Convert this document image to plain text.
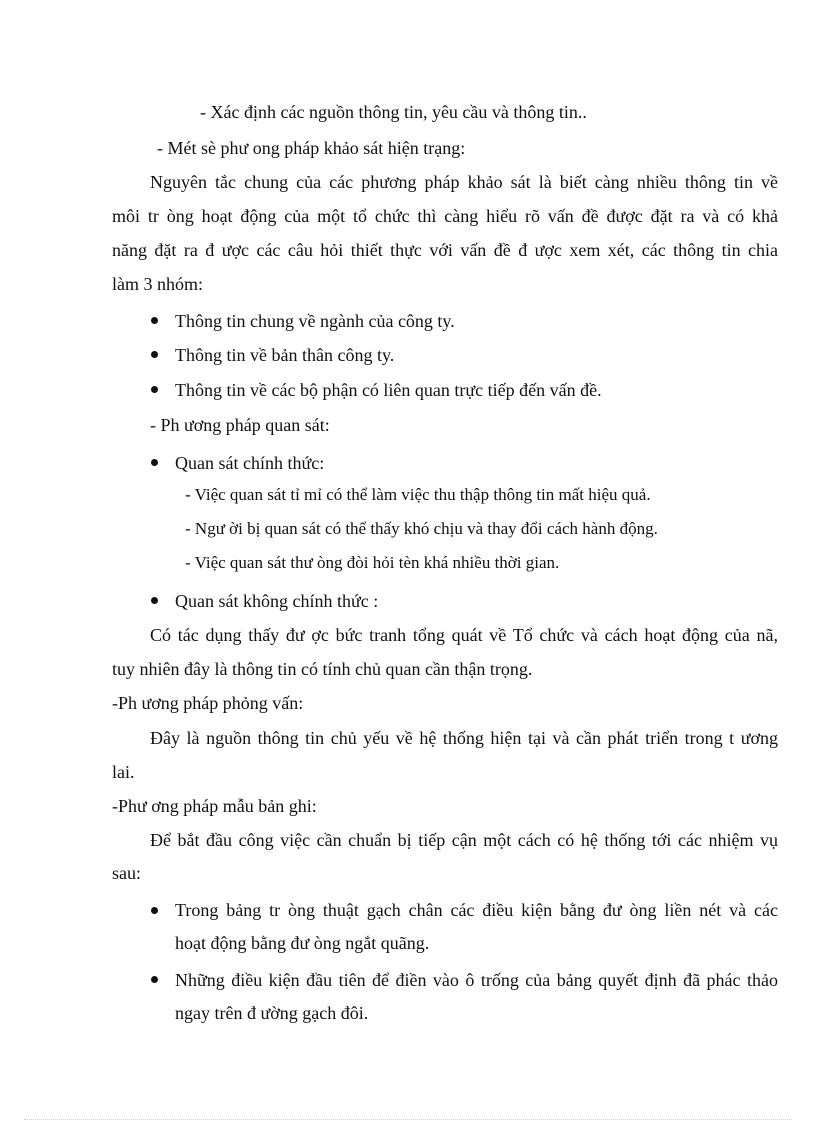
- Xác định các nguồn thông tin, yêu cầu và thông tin..
- Mét sè phư ong pháp khảo sát hiện trạng:
Nguyên tắc chung của các phương pháp khảo sát là biết càng nhiều thông tin về
môi tr òng hoạt động của một tổ chức thì càng hiểu rõ vấn đề được đặt ra và có khả
năng đặt ra đ ược các câu hỏi thiết thực với vấn đề đ ược xem xét, các thông tin chia
làm 3 nhóm:
Thông tin chung về ngành của công ty.
Thông tin về bản thân công ty.
Thông tin về các bộ phận có liên quan trực tiếp đến vấn đề.
- Ph ương pháp quan sát:
Quan sát chính thức:
- Việc quan sát tỉ mỉ có thể làm việc thu thập thông tin mất hiệu quả.
- Ngư ời bị quan sát có thể thấy khó chịu và thay đổi cách hành động.
- Việc quan sát thư òng đòi hỏi tèn khá nhiều thời gian.
Quan sát không chính thức :
Có tác dụng thấy đư ợc bức tranh tổng quát về Tổ chức và cách hoạt động của nã,
tuy nhiên đây là thông tin có tính chủ quan cần thận trọng.
-Ph ương pháp phỏng vấn:
Đây là nguồn thông tin chủ yếu về hệ thống hiện tại và cần phát triển trong t ương
lai.
-Phư ơng pháp mẫu bản ghi:
Để bắt đầu công việc cần chuẩn bị tiếp cận một cách có hệ thống tới các nhiệm vụ
sau:
Trong bảng tr òng thuật gạch chân các điều kiện bằng đư òng liền nét và các
hoạt động bằng đư òng ngắt quãng.
Những điều kiện đầu tiên để điền vào ô trống của bảng quyết định đã phác thảo
ngay trên đ ường gạch đôi.
